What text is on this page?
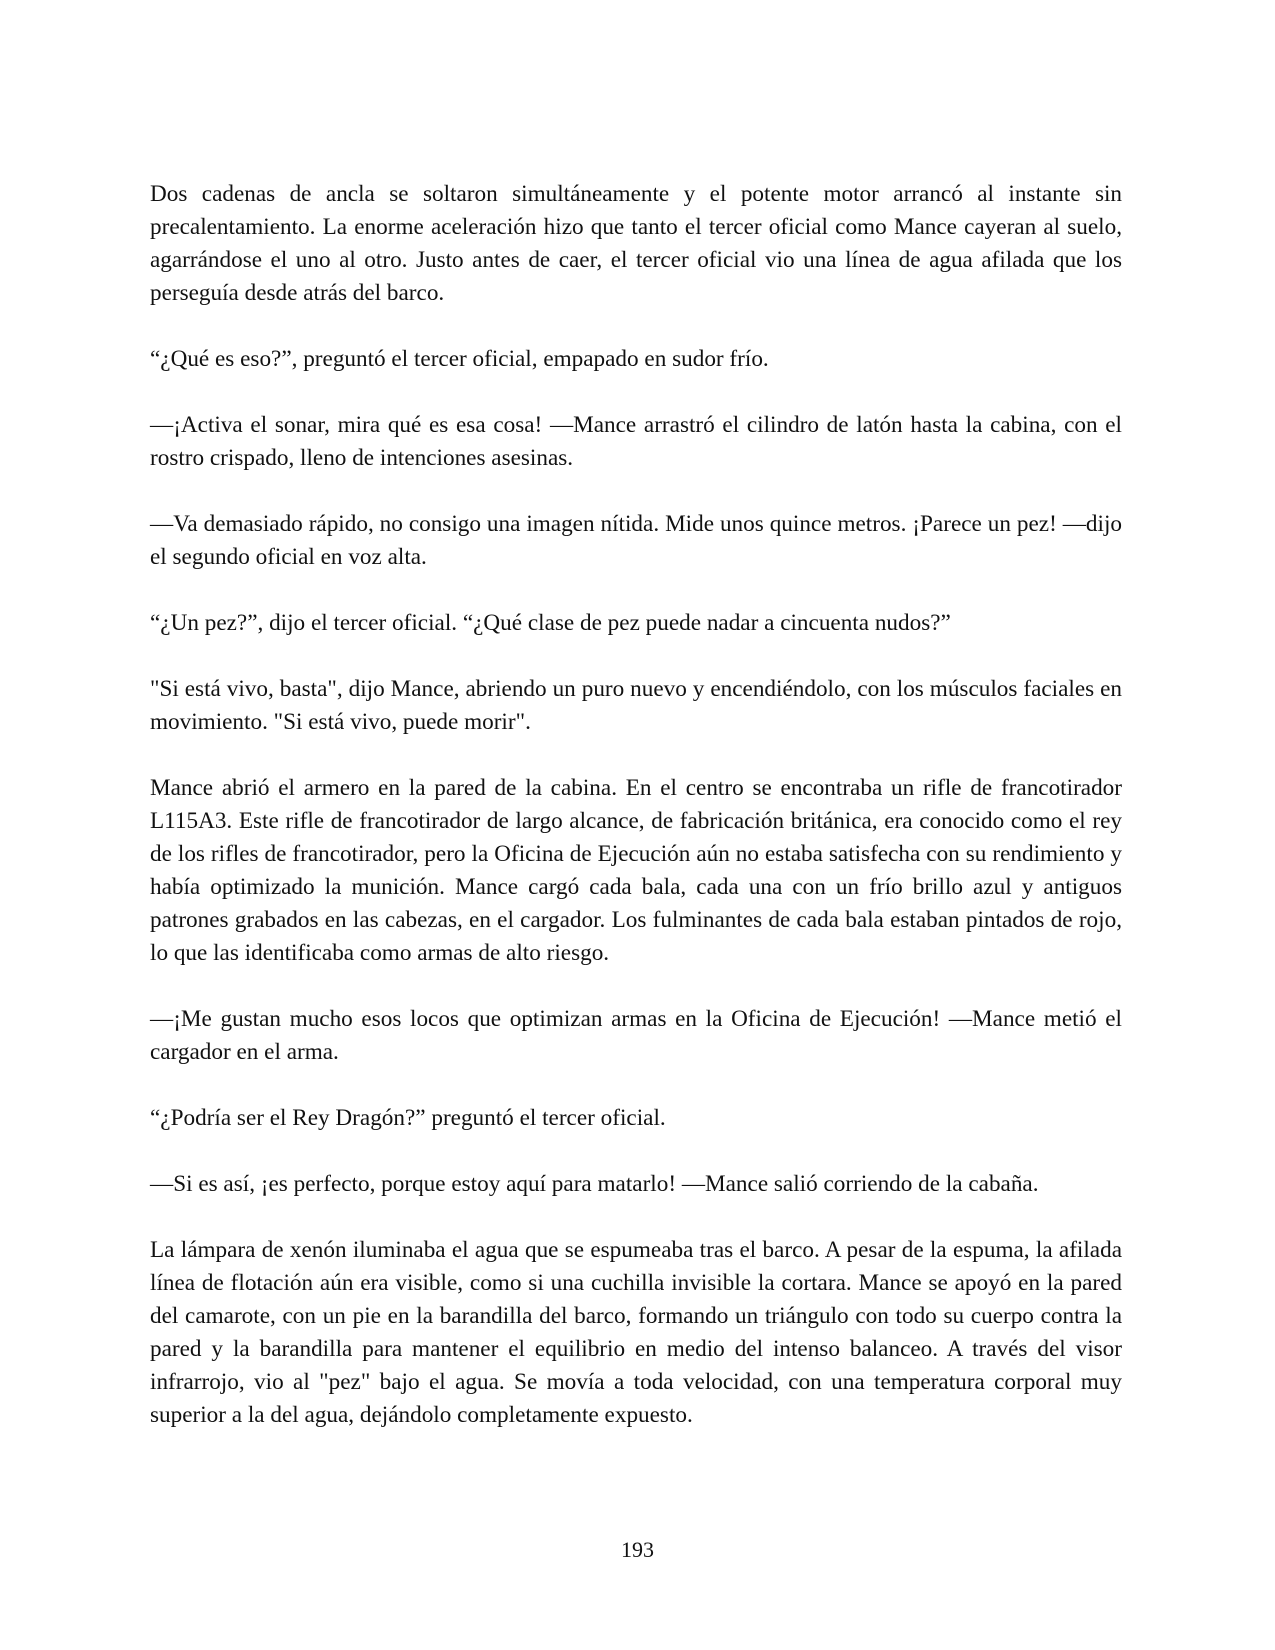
Dos cadenas de ancla se soltaron simultáneamente y el potente motor arrancó al instante sin precalentamiento. La enorme aceleración hizo que tanto el tercer oficial como Mance cayeran al suelo, agarrándose el uno al otro. Justo antes de caer, el tercer oficial vio una línea de agua afilada que los perseguía desde atrás del barco.

“¿Qué es eso?”, preguntó el tercer oficial, empapado en sudor frío.

—¡Activa el sonar, mira qué es esa cosa! —Mance arrastró el cilindro de latón hasta la cabina, con el rostro crispado, lleno de intenciones asesinas.

—Va demasiado rápido, no consigo una imagen nítida. Mide unos quince metros. ¡Parece un pez! —dijo el segundo oficial en voz alta.

“¿Un pez?”, dijo el tercer oficial. “¿Qué clase de pez puede nadar a cincuenta nudos?”

"Si está vivo, basta", dijo Mance, abriendo un puro nuevo y encendiéndolo, con los músculos faciales en movimiento. "Si está vivo, puede morir".

Mance abrió el armero en la pared de la cabina. En el centro se encontraba un rifle de francotirador L115A3. Este rifle de francotirador de largo alcance, de fabricación británica, era conocido como el rey de los rifles de francotirador, pero la Oficina de Ejecución aún no estaba satisfecha con su rendimiento y había optimizado la munición. Mance cargó cada bala, cada una con un frío brillo azul y antiguos patrones grabados en las cabezas, en el cargador. Los fulminantes de cada bala estaban pintados de rojo, lo que las identificaba como armas de alto riesgo.

—¡Me gustan mucho esos locos que optimizan armas en la Oficina de Ejecución! —Mance metió el cargador en el arma.

“¿Podría ser el Rey Dragón?” preguntó el tercer oficial.

—Si es así, ¡es perfecto, porque estoy aquí para matarlo! —Mance salió corriendo de la cabaña.

La lámpara de xenón iluminaba el agua que se espumeaba tras el barco. A pesar de la espuma, la afilada línea de flotación aún era visible, como si una cuchilla invisible la cortara. Mance se apoyó en la pared del camarote, con un pie en la barandilla del barco, formando un triángulo con todo su cuerpo contra la pared y la barandilla para mantener el equilibrio en medio del intenso balanceo. A través del visor infrarrojo, vio al "pez" bajo el agua. Se movía a toda velocidad, con una temperatura corporal muy superior a la del agua, dejándolo completamente expuesto.

193
